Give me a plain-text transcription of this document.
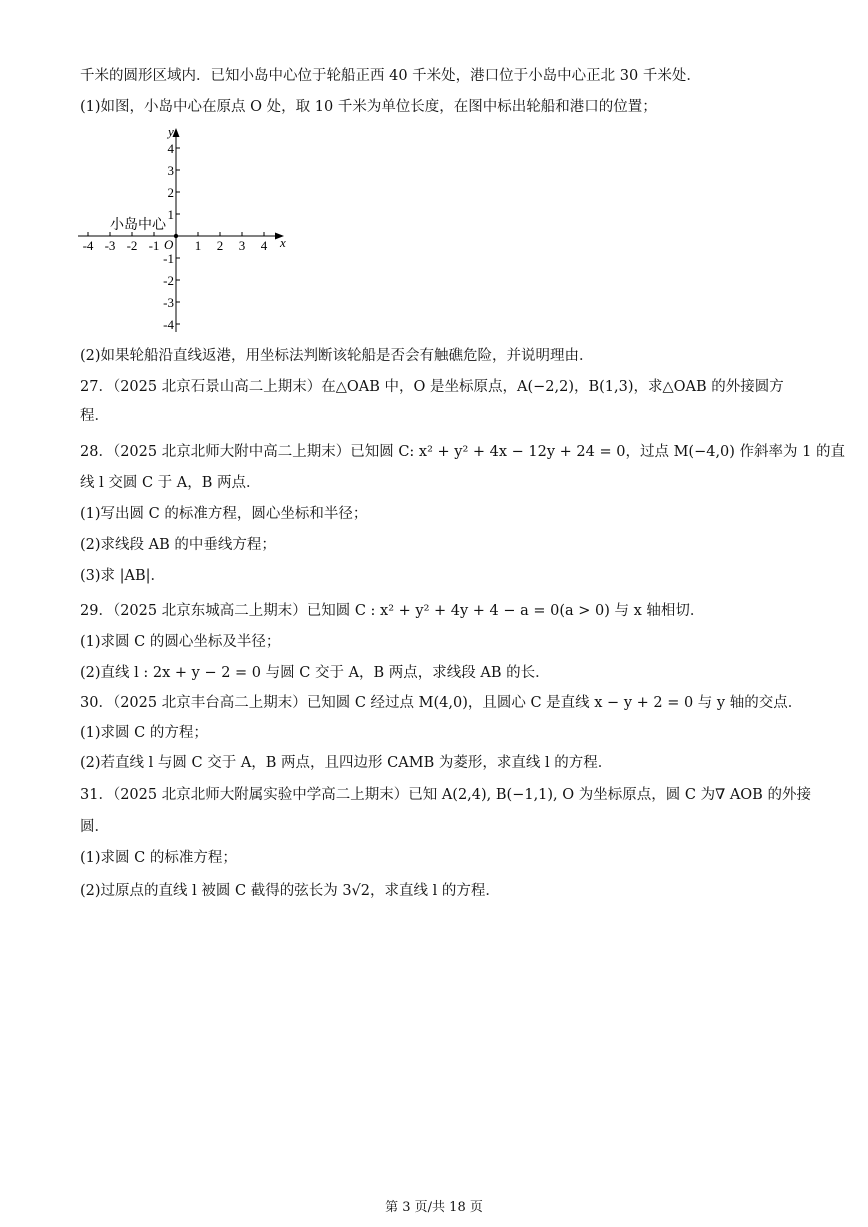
千米的圆形区域内．已知小岛中心位于轮船正西 40 千米处，港口位于小岛中心正北 30 千米处．
(1)如图，小岛中心在原点 O 处，取 10 千米为单位长度，在图中标出轮船和港口的位置；
-4 -3 -2 -1	1 2 3 4
4
3
2
1
-1
-2
-3
-4
y
x
O
小岛中心
(2)如果轮船沿直线返港，用坐标法判断该轮船是否会有触礁危险，并说明理由．
27．（2025 北京石景山高二上期末）在△OAB 中，O 是坐标原点，A(−2,2)，B(1,3)，求△OAB 的外接圆方
程．
28．（2025 北京北师大附中高二上期末）已知圆 C: x² + y² + 4x − 12y + 24 = 0，过点 M(−4,0) 作斜率为 1 的直
线 l 交圆 C 于 A，B 两点．
(1)写出圆 C 的标准方程，圆心坐标和半径；
(2)求线段 AB 的中垂线方程；
(3)求 |AB|．
29．（2025 北京东城高二上期末）已知圆 C : x² + y² + 4y + 4 − a = 0(a > 0) 与 x 轴相切．
(1)求圆 C 的圆心坐标及半径；
(2)直线 l : 2x + y − 2 = 0 与圆 C 交于 A，B 两点，求线段 AB 的长．
30．（2025 北京丰台高二上期末）已知圆 C 经过点 M(4,0)，且圆心 C 是直线 x − y + 2 = 0 与 y 轴的交点．
(1)求圆 C 的方程；
(2)若直线 l 与圆 C 交于 A，B 两点，且四边形 CAMB 为菱形，求直线 l 的方程．
31．（2025 北京北师大附属实验中学高二上期末）已知 A(2,4), B(−1,1), O 为坐标原点，圆 C 为∇ AOB 的外接
圆．
(1)求圆 C 的标准方程；
(2)过原点的直线 l 被圆 C 截得的弦长为 3√2，求直线 l 的方程．
第 3 页/共 18 页
